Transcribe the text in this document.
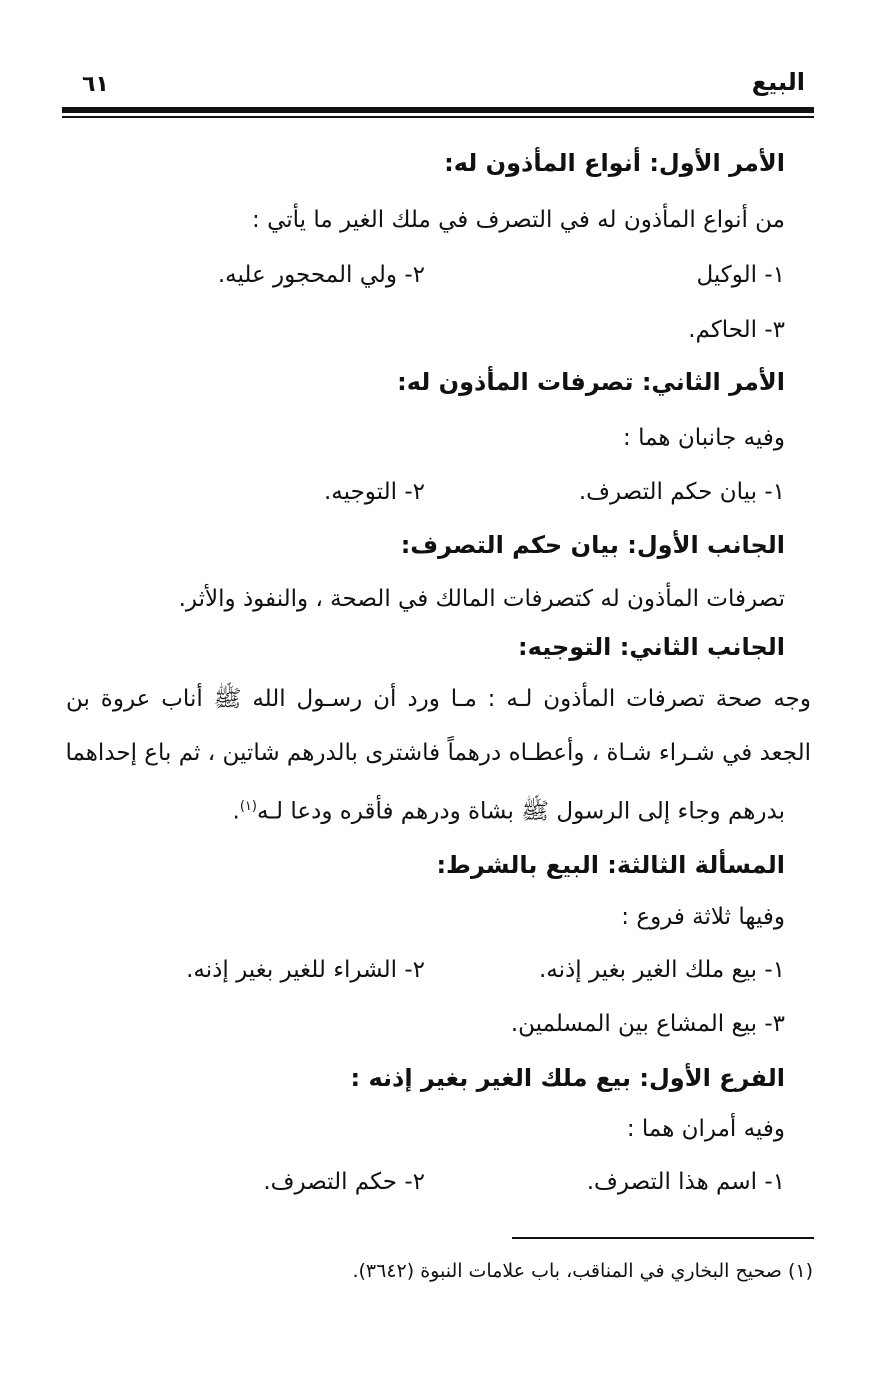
البيع
٦١
الأمر الأول: أنواع المأذون له:
من أنواع المأذون له في التصرف في ملك الغير ما يأتي :
١- الوكيل
٢- ولي المحجور عليه.
٣- الحاكم.
الأمر الثاني: تصرفات المأذون له:
وفيه جانبان هما :
١- بيان حكم التصرف.
٢- التوجيه.
الجانب الأول: بيان حكم التصرف:
تصرفات المأذون له كتصرفات المالك في الصحة ، والنفوذ والأثر.
الجانب الثاني: التوجيه:
وجه صحة تصرفات المأذون لـه : مـا ورد أن رسـول الله ﷺ أناب عروة بن
الجعد في شـراء شـاة ، وأعطـاه درهماً فاشترى بالدرهم شاتين ، ثم باع إحداهما
بدرهم وجاء إلى الرسول ﷺ بشاة ودرهم فأقره ودعا لـه$^{(١)}$.
المسألة الثالثة: البيع بالشرط:
وفيها ثلاثة فروع :
١- بيع ملك الغير بغير إذنه.
٢- الشراء للغير بغير إذنه.
٣- بيع المشاع بين المسلمين.
الفرع الأول: بيع ملك الغير بغير إذنه :
وفيه أمران هما :
١- اسم هذا التصرف.
٢- حكم التصرف.
(١) صحيح البخاري في المناقب، باب علامات النبوة (٣٦٤٢).
